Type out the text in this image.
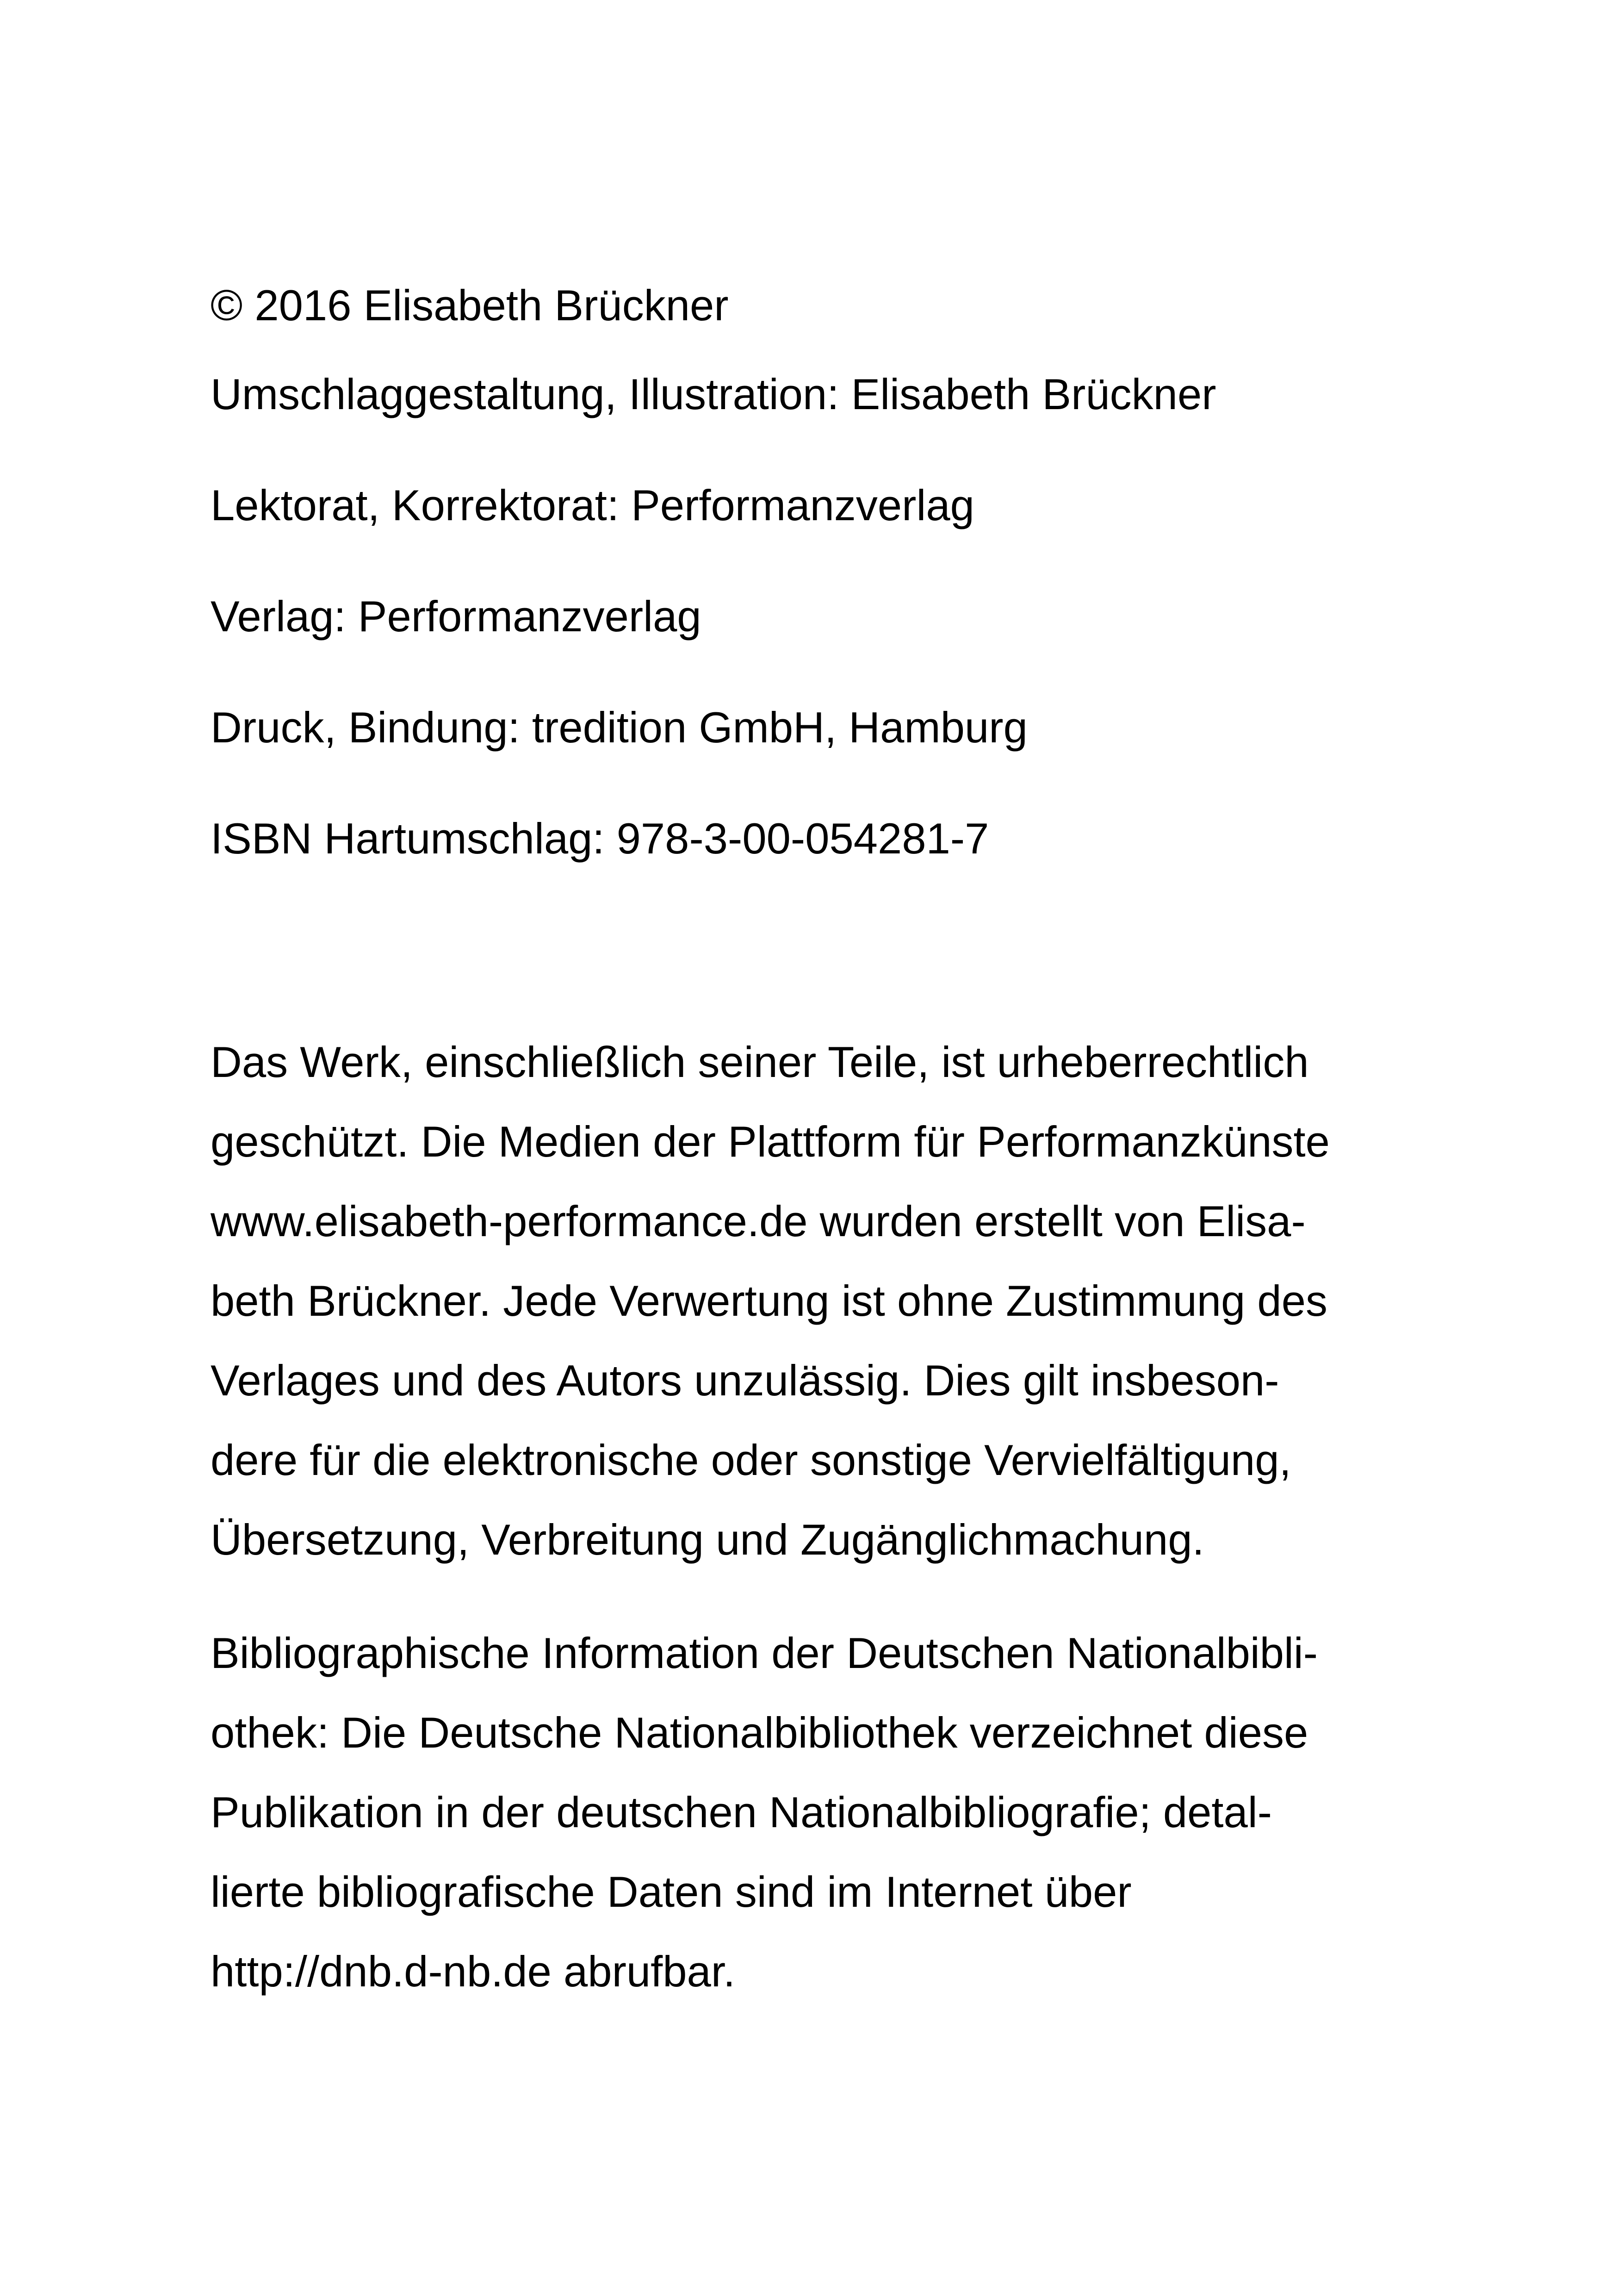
© 2016 Elisabeth Brückner
Umschlaggestaltung, Illustration: Elisabeth Brückner
Lektorat, Korrektorat: Performanzverlag
Verlag: Performanzverlag
Druck, Bindung: tredition GmbH, Hamburg
ISBN Hartumschlag: 978-3-00-054281-7
Das Werk, einschließlich seiner Teile, ist urheberrechtlich
geschützt. Die Medien der Plattform für Performanzkünste
www.elisabeth-performance.de wurden erstellt von Elisa-
beth Brückner. Jede Verwertung ist ohne Zustimmung des
Verlages und des Autors unzulässig. Dies gilt insbeson-
dere für die elektronische oder sonstige Vervielfältigung,
Übersetzung, Verbreitung und Zugänglichmachung.
Bibliographische Information der Deutschen Nationalbibli-
othek: Die Deutsche Nationalbibliothek verzeichnet diese
Publikation in der deutschen Nationalbibliografie; detal-
lierte bibliografische Daten sind im Internet über
http://dnb.d-nb.de abrufbar.
